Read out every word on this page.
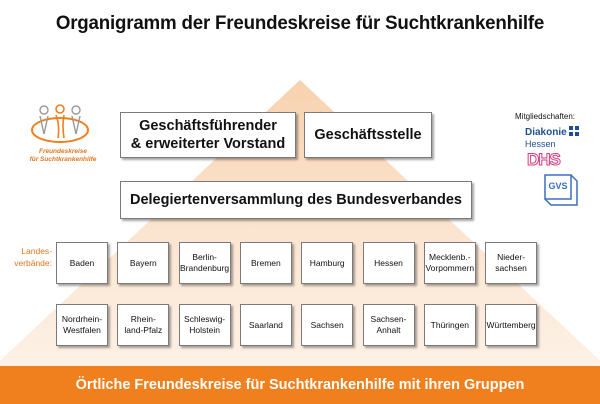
Organigramm der Freundeskreise für Suchtkrankenhilfe
Freundeskreise
für Suchtkrankenhilfe
Mitgliedschaften:
Diakonie
Hessen
DHS
GVS
Geschäftsführender
& erweiterter Vorstand
Geschäftsstelle
Delegiertenversammlung des Bundesverbandes
Landes-
verbände: Baden	Bayern
Berlin-
Brandenburg
Bremen	Hamburg	Hessen
Mecklenb.-
Vorpommern
Nieder-
sachsen
Nordrhein-
Westfalen
Rhein-
land-Pfalz
Schleswig-
Holstein
Saarland	Sachsen
Sachsen-
Anhalt
Thüringen Württemberg
Örtliche Freundeskreise für Suchtkrankenhilfe mit ihren Gruppen
